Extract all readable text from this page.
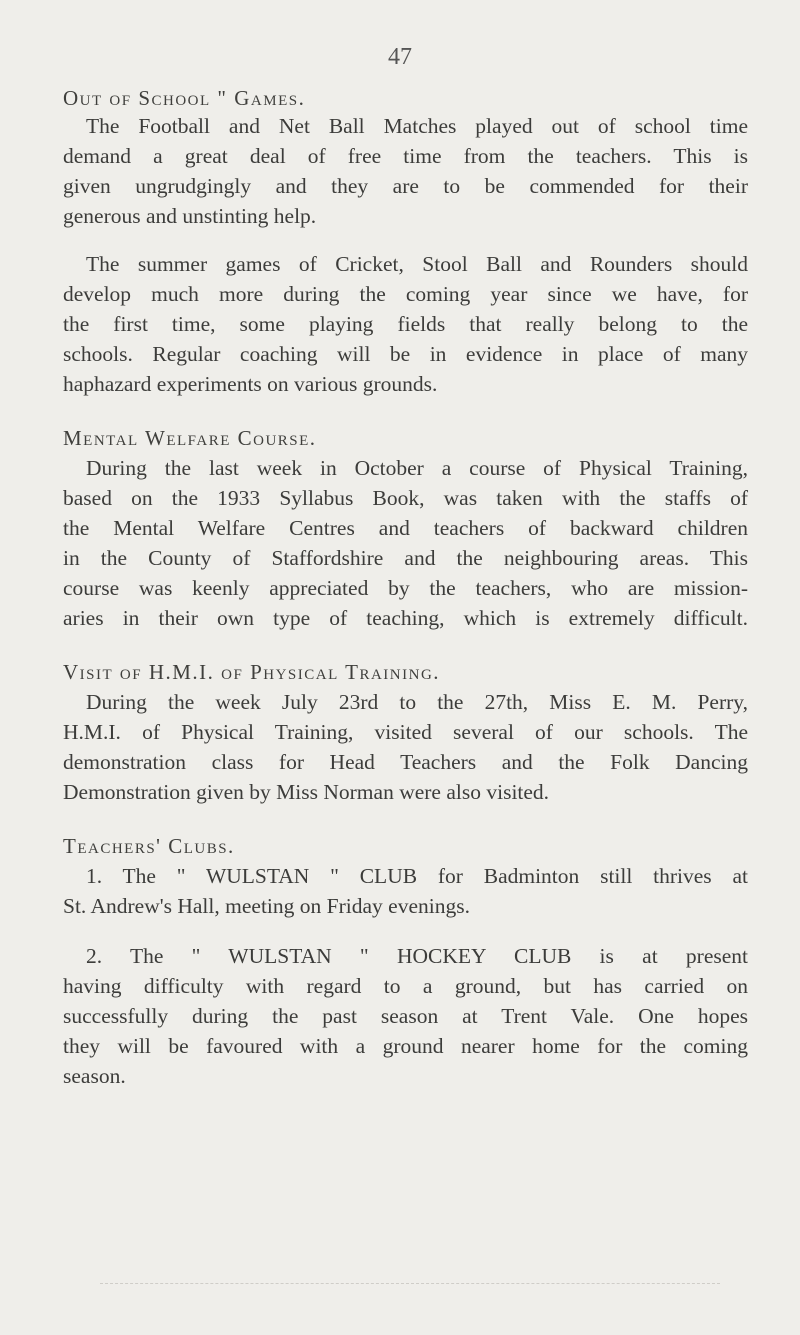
47
Out of School " Games.
The Football and Net Ball Matches played out of school time
demand a great deal of free time from the teachers. This is
given ungrudgingly and they are to be commended for their
generous and unstinting help.
The summer games of Cricket, Stool Ball and Rounders should
develop much more during the coming year since we have, for
the first time, some playing fields that really belong to the
schools. Regular coaching will be in evidence in place of many
haphazard experiments on various grounds.
Mental Welfare Course.
During the last week in October a course of Physical Training,
based on the 1933 Syllabus Book, was taken with the staffs of
the Mental Welfare Centres and teachers of backward children
in the County of Staffordshire and the neighbouring areas. This
course was keenly appreciated by the teachers, who are mission-
aries in their own type of teaching, which is extremely difficult.
Visit of H.M.I. of Physical Training.
During the week July 23rd to the 27th, Miss E. M. Perry,
H.M.I. of Physical Training, visited several of our schools. The
demonstration class for Head Teachers and the Folk Dancing
Demonstration given by Miss Norman were also visited.
Teachers' Clubs.
1. The " WULSTAN " CLUB for Badminton still thrives at
St. Andrew's Hall, meeting on Friday evenings.
2. The " WULSTAN " HOCKEY CLUB is at present
having difficulty with regard to a ground, but has carried on
successfully during the past season at Trent Vale. One hopes
they will be favoured with a ground nearer home for the coming
season.
